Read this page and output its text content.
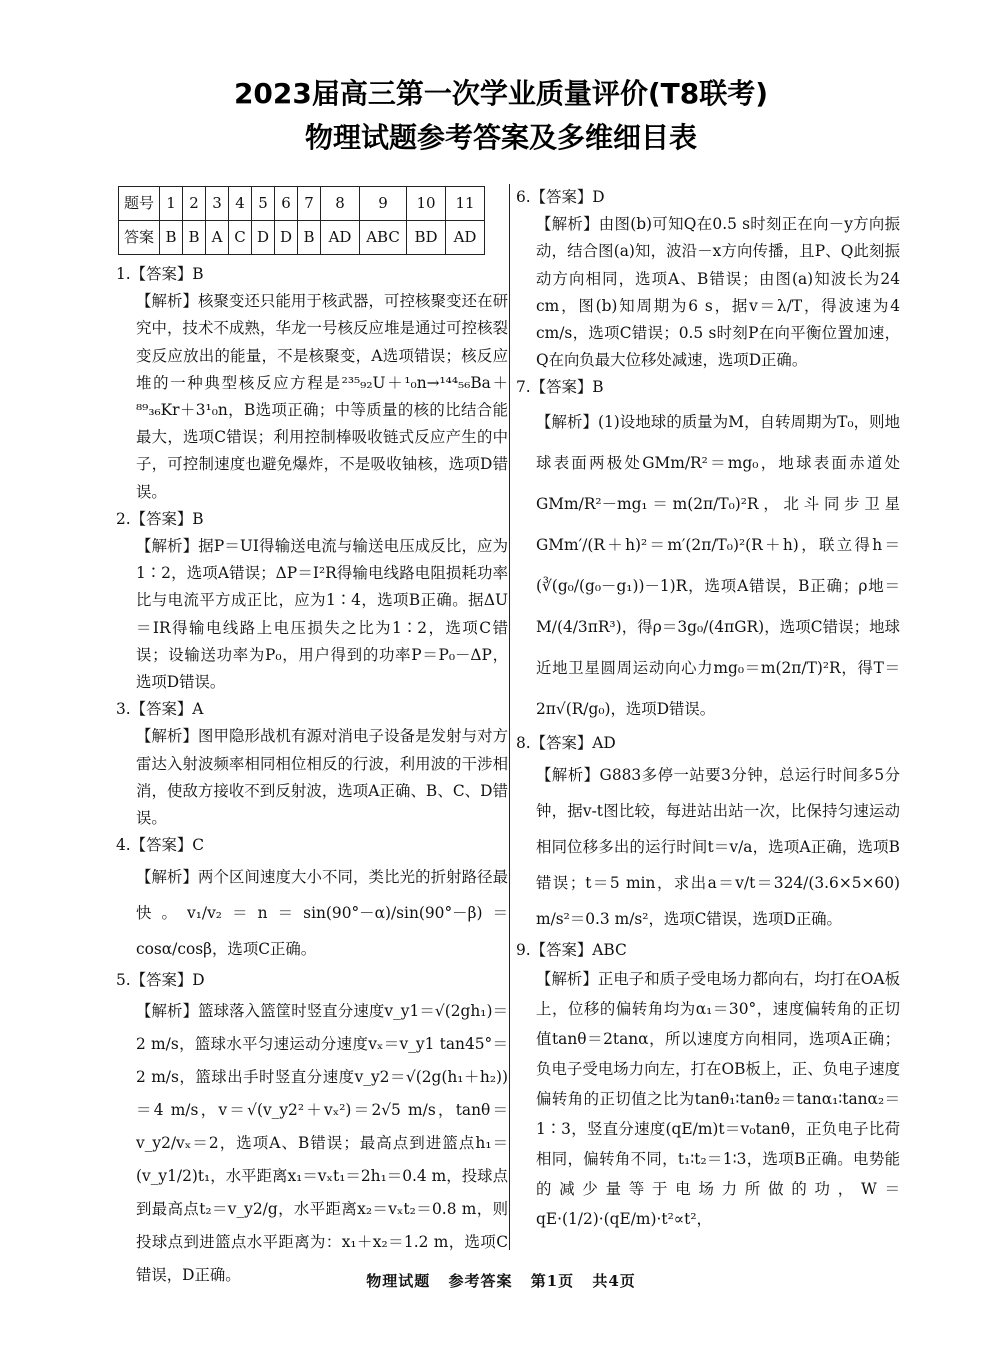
2023届高三第一次学业质量评价(T8联考)
物理试题参考答案及多维细目表
题号	1	2	3	4	5	6	7	8	9	10	11
答案	B	B	A	C	D	D	B	AD	ABC	BD	AD
1.【答案】B
【解析】核聚变还只能用于核武器，可控核聚变还在研究中，技术不成熟，华龙一号核反应堆是通过可控核裂变反应放出的能量，不是核聚变，A选项错误；核反应堆的一种典型核反应方程是²³⁵₉₂U＋¹₀n→¹⁴⁴₅₆Ba＋⁸⁹₃₆Kr＋3¹₀n，B选项正确；中等质量的核的比结合能最大，选项C错误；利用控制棒吸收链式反应产生的中子，可控制速度也避免爆炸，不是吸收铀核，选项D错误。
2.【答案】B
【解析】据P＝UI得输送电流与输送电压成反比，应为1∶2，选项A错误；ΔP＝I²R得输电线路电阻损耗功率比与电流平方成正比，应为1∶4，选项B正确。据ΔU＝IR得输电线路上电压损失之比为1∶2，选项C错误；设输送功率为P₀，用户得到的功率P＝P₀－ΔP，选项D错误。
3.【答案】A
【解析】图甲隐形战机有源对消电子设备是发射与对方雷达入射波频率相同相位相反的行波，利用波的干涉相消，使敌方接收不到反射波，选项A正确、B、C、D错误。
4.【答案】C
【解析】两个区间速度大小不同，类比光的折射路径最快。v₁/v₂＝n＝sin(90°－α)/sin(90°－β)＝cosα/cosβ，选项C正确。
5.【答案】D
【解析】篮球落入篮筐时竖直分速度v_y1＝√(2gh₁)＝2 m/s，篮球水平匀速运动分速度vₓ＝v_y1 tan45°＝2 m/s，篮球出手时竖直分速度v_y2＝√(2g(h₁＋h₂))＝4 m/s，v＝√(v_y2²＋vₓ²)＝2√5 m/s，tanθ＝v_y2/vₓ＝2，选项A、B错误；最高点到进篮点h₁＝(v_y1/2)t₁，水平距离x₁＝vₓt₁＝2h₁＝0.4 m，投球点到最高点t₂＝v_y2/g，水平距离x₂＝vₓt₂＝0.8 m，则投球点到进篮点水平距离为：x₁＋x₂＝1.2 m，选项C错误，D正确。
6.【答案】D
【解析】由图(b)可知Q在0.5 s时刻正在向－y方向振动，结合图(a)知，波沿－x方向传播，且P、Q此刻振动方向相同，选项A、B错误；由图(a)知波长为24 cm，图(b)知周期为6 s，据v＝λ/T，得波速为4 cm/s，选项C错误；0.5 s时刻P在向平衡位置加速，Q在向负最大位移处减速，选项D正确。
7.【答案】B
【解析】(1)设地球的质量为M，自转周期为T₀，则地球表面两极处GMm/R²＝mg₀，地球表面赤道处GMm/R²－mg₁＝m(2π/T₀)²R，北斗同步卫星GMm′/(R＋h)²＝m′(2π/T₀)²(R＋h)，联立得h＝(∛(g₀/(g₀－g₁))－1)R，选项A错误，B正确；ρ地＝M/(4/3πR³)，得ρ＝3g₀/(4πGR)，选项C错误；地球近地卫星圆周运动向心力mg₀＝m(2π/T)²R，得T＝2π√(R/g₀)，选项D错误。
8.【答案】AD
【解析】G883多停一站要3分钟，总运行时间多5分钟，据v-t图比较，每进站出站一次，比保持匀速运动相同位移多出的运行时间t＝v/a，选项A正确，选项B错误；t＝5 min，求出a＝v/t＝324/(3.6×5×60) m/s²＝0.3 m/s²，选项C错误，选项D正确。
9.【答案】ABC
【解析】正电子和质子受电场力都向右，均打在OA板上，位移的偏转角均为α₁＝30°，速度偏转角的正切值tanθ＝2tanα，所以速度方向相同，选项A正确；负电子受电场力向左，打在OB板上，正、负电子速度偏转角的正切值之比为tanθ₁∶tanθ₂＝tanα₁∶tanα₂＝1∶3，竖直分速度(qE/m)t＝v₀tanθ，正负电子比荷相同，偏转角不同，t₁∶t₂＝1∶3，选项B正确。电势能的减少量等于电场力所做的功，W＝qE·(1/2)·(qE/m)·t²∝t²，
物理试题 参考答案 第1页 共4页
